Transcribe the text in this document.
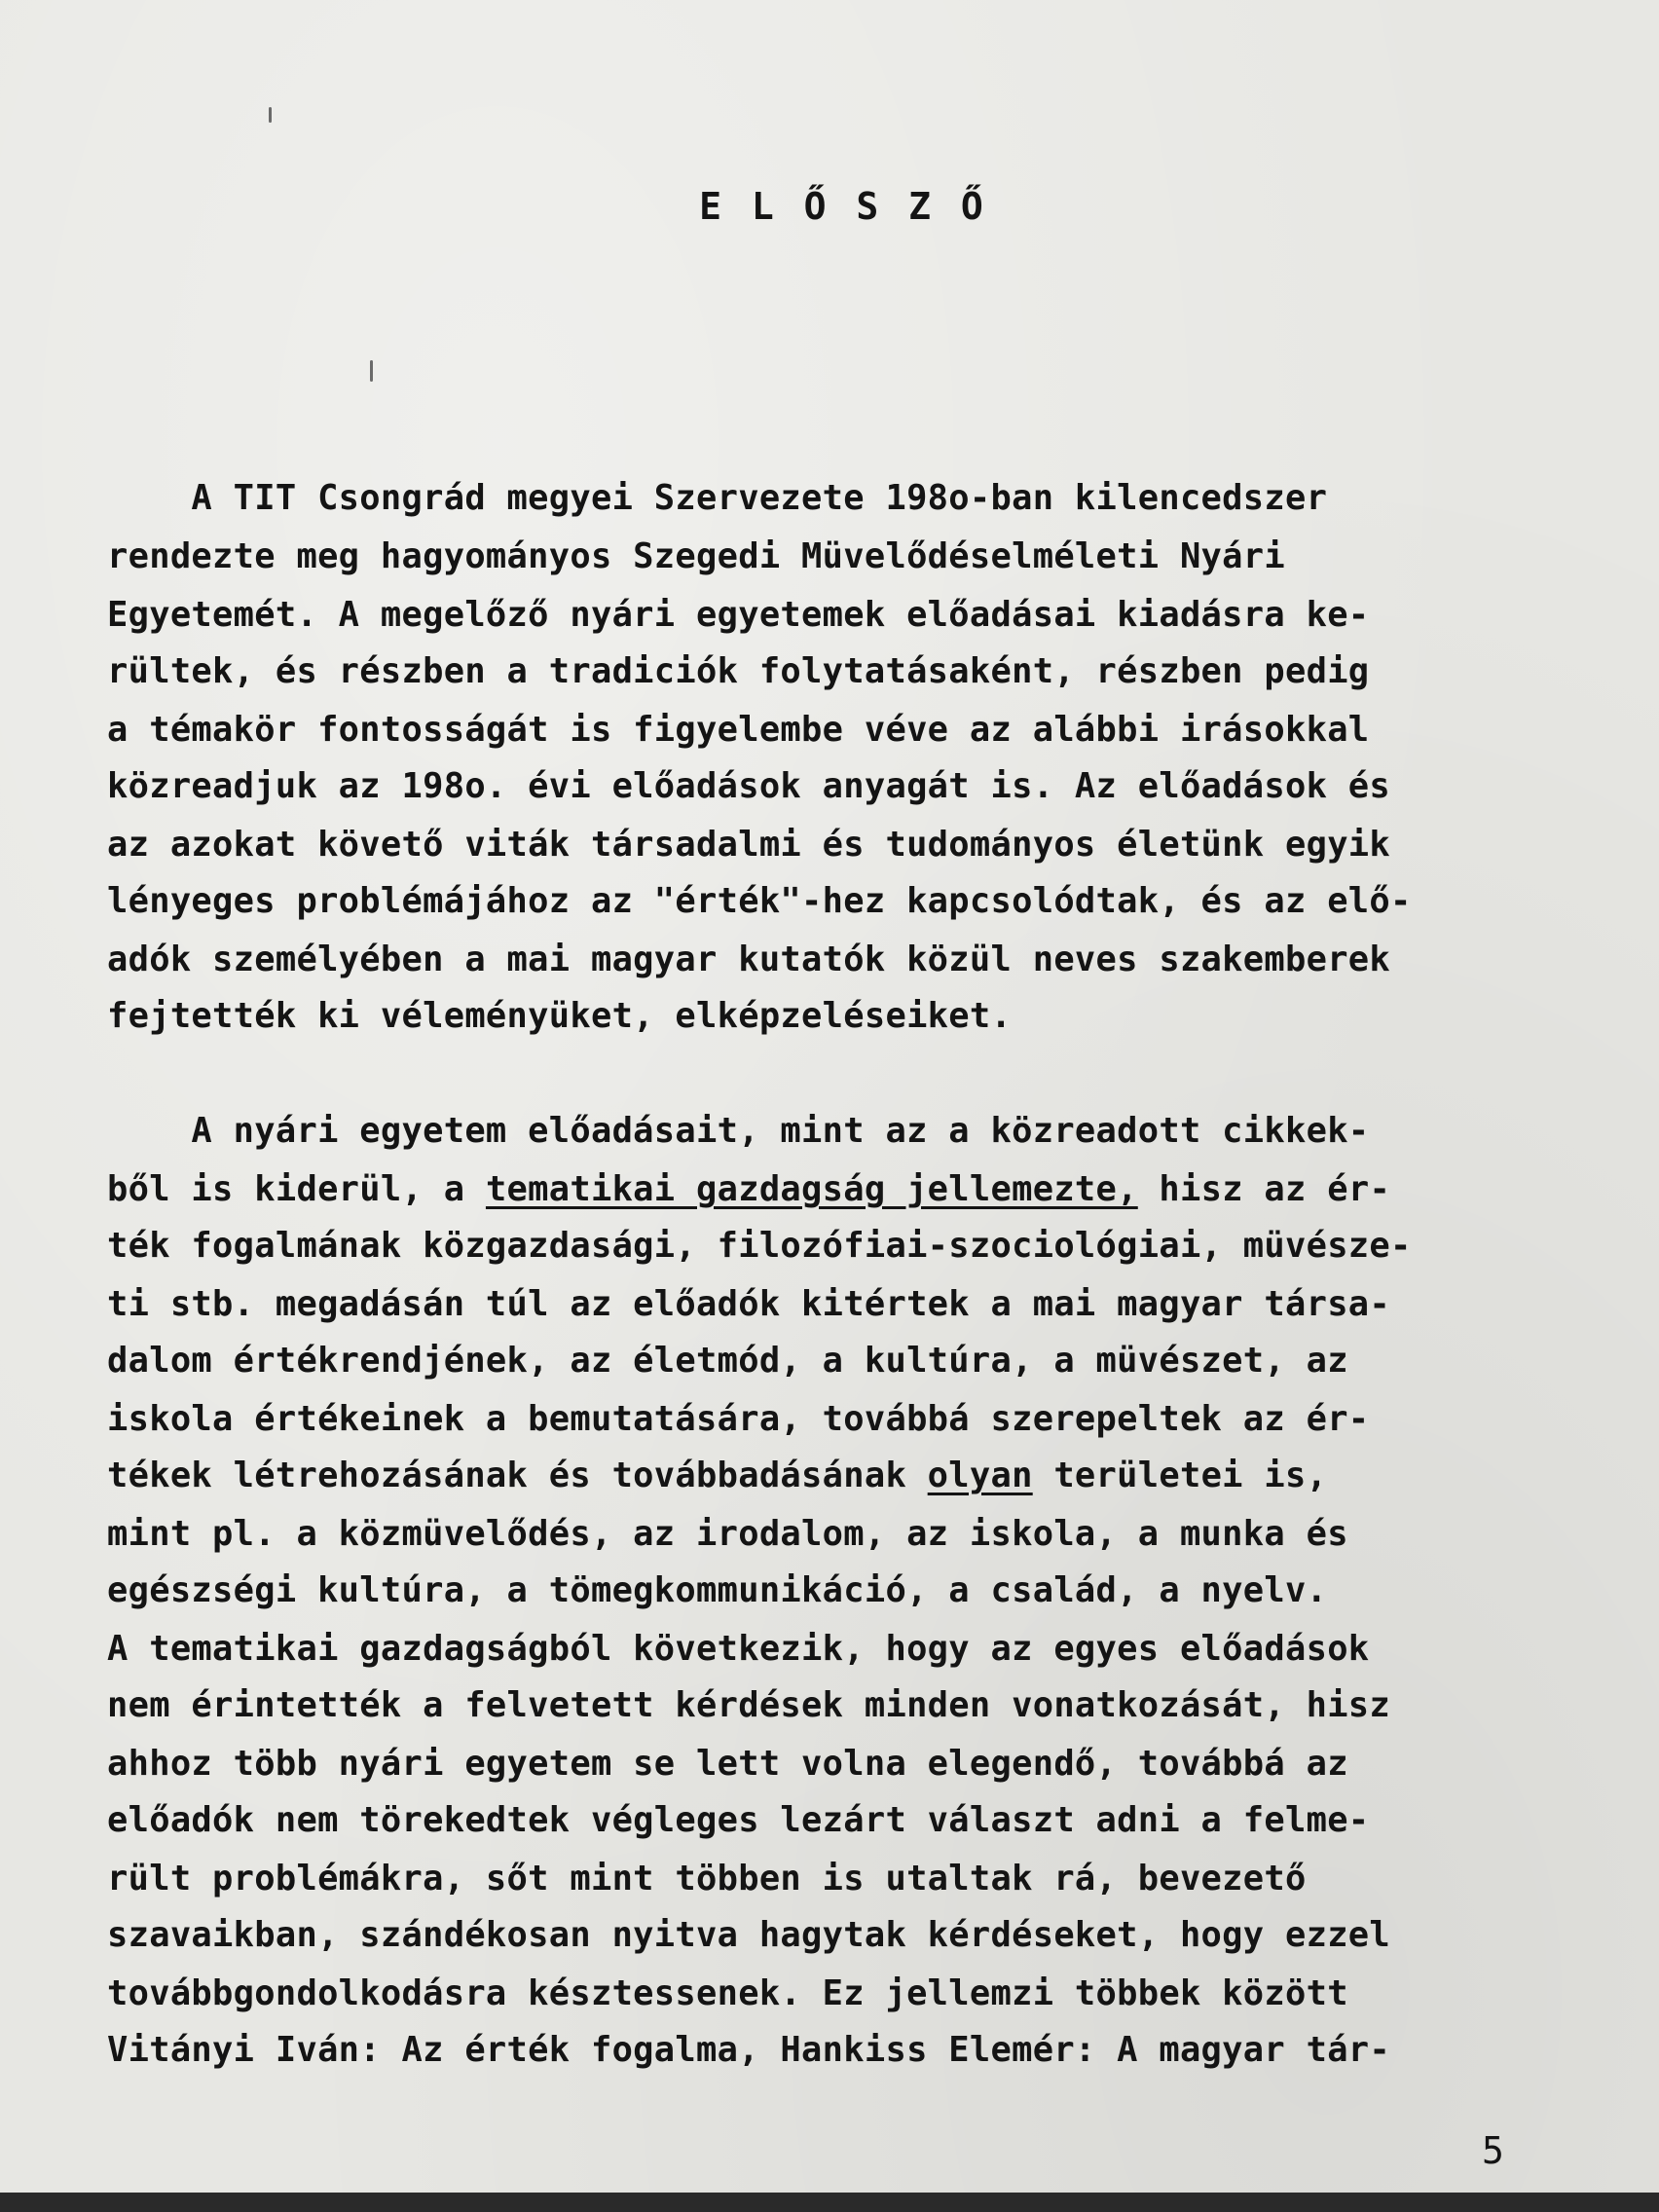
E L Ő S Z Ő
A TIT Csongrád megyei Szervezete 198o-ban kilencedszer
rendezte meg hagyományos Szegedi Müvelődéselméleti Nyári
Egyetemét. A megelőző nyári egyetemek előadásai kiadásra ke-
rültek, és részben a tradiciók folytatásaként, részben pedig
a témakör fontosságát is figyelembe véve az alábbi irásokkal
közreadjuk az 198o. évi előadások anyagát is. Az előadások és
az azokat követő viták társadalmi és tudományos életünk egyik
lényeges problémájához az "érték"-hez kapcsolódtak, és az elő-
adók személyében a mai magyar kutatók közül neves szakemberek
fejtették ki véleményüket, elképzeléseiket.
A nyári egyetem előadásait, mint az a közreadott cikkek-
ből is kiderül, a tematikai gazdagság jellemezte, hisz az ér-
ték fogalmának közgazdasági, filozófiai-szociológiai, müvésze-
ti stb. megadásán túl az előadók kitértek a mai magyar társa-
dalom értékrendjének, az életmód, a kultúra, a müvészet, az
iskola értékeinek a bemutatására, továbbá szerepeltek az ér-
tékek létrehozásának és továbbadásának olyan területei is,
mint pl. a közmüvelődés, az irodalom, az iskola, a munka és
egészségi kultúra, a tömegkommunikáció, a család, a nyelv.
A tematikai gazdagságból következik, hogy az egyes előadások
nem érintették a felvetett kérdések minden vonatkozását, hisz
ahhoz több nyári egyetem se lett volna elegendő, továbbá az
előadók nem törekedtek végleges lezárt választ adni a felme-
rült problémákra, sőt mint többen is utaltak rá, bevezető
szavaikban, szándékosan nyitva hagytak kérdéseket, hogy ezzel
továbbgondolkodásra késztessenek. Ez jellemzi többek között
Vitányi Iván: Az érték fogalma, Hankiss Elemér: A magyar tár-
5
